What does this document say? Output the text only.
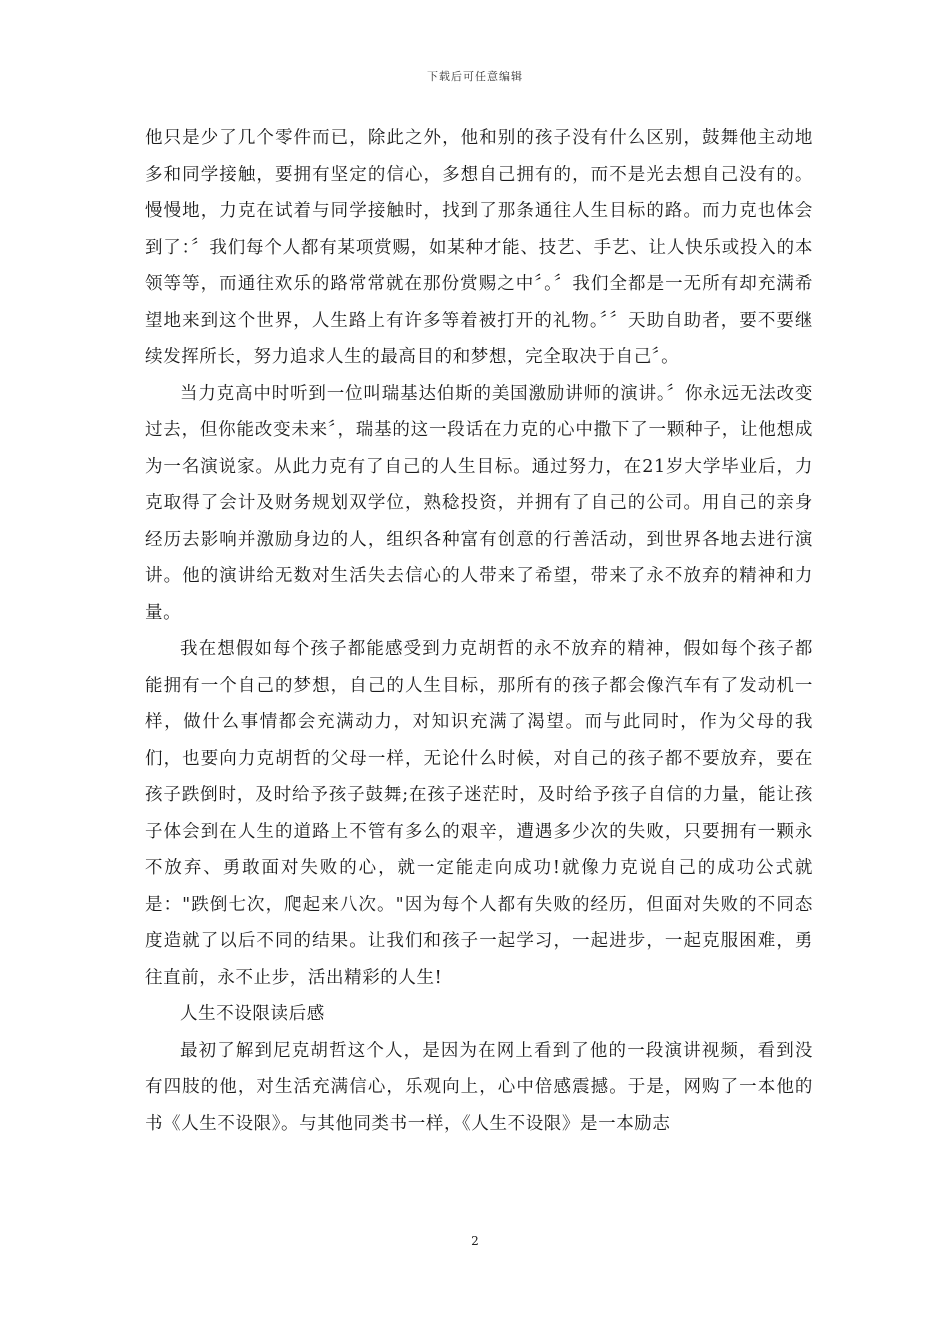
下载后可任意编辑

他只是少了几个零件而已，除此之外，他和别的孩子没有什么区别，鼓舞他主动地多和同学接触，要拥有坚定的信心，多想自己拥有的，而不是光去想自己没有的。慢慢地，力克在试着与同学接触时，找到了那条通往人生目标的路。而力克也体会到了：〞我们每个人都有某项赏赐，如某种才能、技艺、手艺、让人快乐或投入的本领等等，而通往欢乐的路常常就在那份赏赐之中〞。〞我们全都是一无所有却充满希望地来到这个世界，人生路上有许多等着被打开的礼物。〞〞天助自助者，要不要继续发挥所长，努力追求人生的最高目的和梦想，完全取决于自己〞。

当力克高中时听到一位叫瑞基达伯斯的美国激励讲师的演讲。〞你永远无法改变过去，但你能改变未来〞，瑞基的这一段话在力克的心中撒下了一颗种子，让他想成为一名演说家。从此力克有了自己的人生目标。通过努力，在21岁大学毕业后，力克取得了会计及财务规划双学位，熟稔投资，并拥有了自己的公司。用自己的亲身经历去影响并激励身边的人，组织各种富有创意的行善活动，到世界各地去进行演讲。他的演讲给无数对生活失去信心的人带来了希望，带来了永不放弃的精神和力量。

我在想假如每个孩子都能感受到力克胡哲的永不放弃的精神，假如每个孩子都能拥有一个自己的梦想，自己的人生目标，那所有的孩子都会像汽车有了发动机一样，做什么事情都会充满动力，对知识充满了渴望。而与此同时，作为父母的我们，也要向力克胡哲的父母一样，无论什么时候，对自己的孩子都不要放弃，要在孩子跌倒时，及时给予孩子鼓舞;在孩子迷茫时，及时给予孩子自信的力量，能让孩子体会到在人生的道路上不管有多么的艰辛，遭遇多少次的失败，只要拥有一颗永不放弃、勇敢面对失败的心，就一定能走向成功!就像力克说自己的成功公式就是："跌倒七次，爬起来八次。"因为每个人都有失败的经历，但面对失败的不同态度造就了以后不同的结果。让我们和孩子一起学习，一起进步，一起克服困难，勇往直前，永不止步，活出精彩的人生!

人生不设限读后感

最初了解到尼克胡哲这个人，是因为在网上看到了他的一段演讲视频，看到没有四肢的他，对生活充满信心，乐观向上，心中倍感震撼。于是，网购了一本他的书《人生不设限》。与其他同类书一样，《人生不设限》是一本励志

2
